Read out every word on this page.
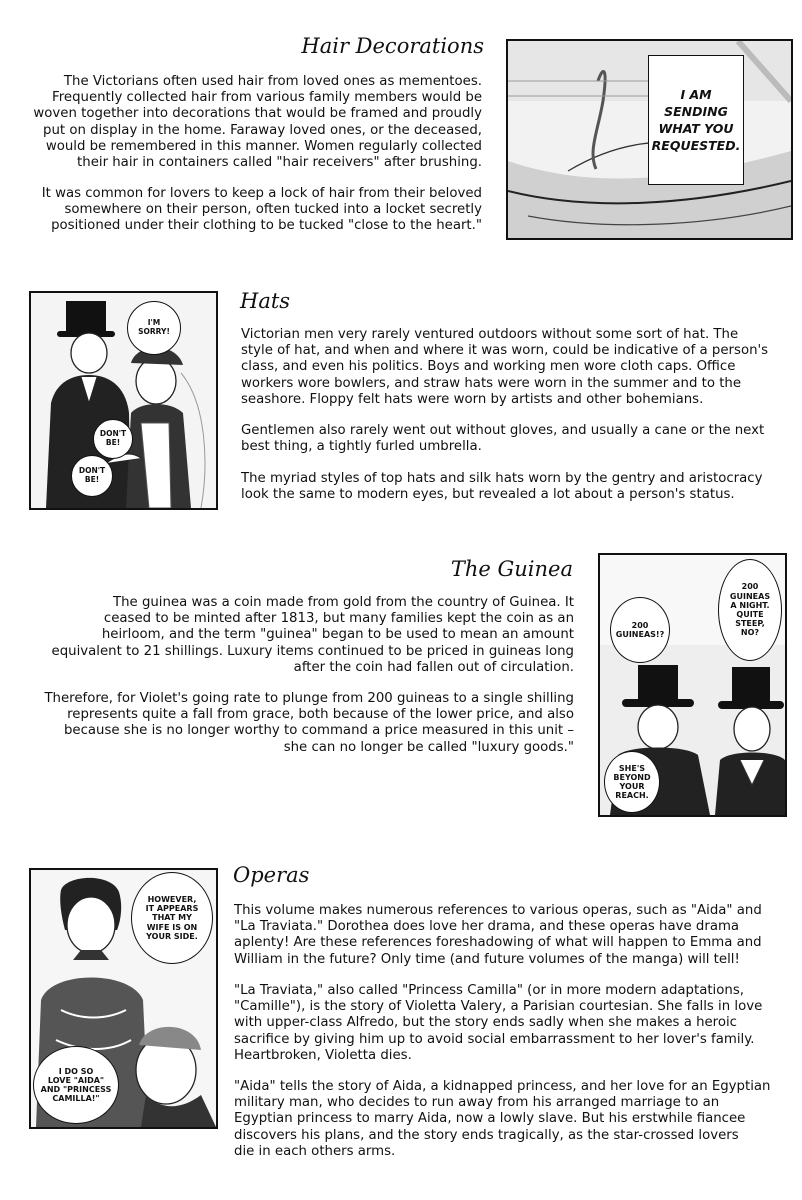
Hair Decorations

The Victorians often used hair from loved ones as mementoes.
Frequently collected hair from various family members would be
woven together into decorations that would be framed and proudly
put on display in the home. Faraway loved ones, or the deceased,
would be remembered in this manner. Women regularly collected
their hair in containers called "hair receivers" after brushing.

It was common for lovers to keep a lock of hair from their beloved
somewhere on their person, often tucked into a locket secretly
positioned under their clothing to be tucked "close to the heart."

I AM
SENDING
WHAT YOU
REQUESTED.
Hats

Victorian men very rarely ventured outdoors without some sort of hat. The
style of hat, and when and where it was worn, could be indicative of a person's
class, and even his politics. Boys and working men wore cloth caps. Office
workers wore bowlers, and straw hats were worn in the summer and to the
seashore. Floppy felt hats were worn by artists and other bohemians.

Gentlemen also rarely went out without gloves, and usually a cane or the next
best thing, a tightly furled umbrella.

The myriad styles of top hats and silk hats worn by the gentry and aristocracy
look the same to modern eyes, but revealed a lot about a person's status.

I'M
SORRY!
DON'T
BE!
DON'T
BE!
The Guinea

The guinea was a coin made from gold from the country of Guinea. It
ceased to be minted after 1813, but many families kept the coin as an
heirloom, and the term "guinea" began to be used to mean an amount
equivalent to 21 shillings. Luxury items continued to be priced in guineas long
after the coin had fallen out of circulation.

Therefore, for Violet's going rate to plunge from 200 guineas to a single shilling
represents quite a fall from grace, both because of the lower price, and also
because she is no longer worthy to command a price measured in this unit –
she can no longer be called "luxury goods."

200
GUINEAS!?
200
GUINEAS
A NIGHT.
QUITE
STEEP,
NO?
SHE'S
BEYOND
YOUR
REACH.
Operas

This volume makes numerous references to various operas, such as "Aida" and
"La Traviata." Dorothea does love her drama, and these operas have drama
aplenty! Are these references foreshadowing of what will happen to Emma and
William in the future? Only time (and future volumes of the manga) will tell!

"La Traviata," also called "Princess Camilla" (or in more modern adaptations,
"Camille"), is the story of Violetta Valery, a Parisian courtesian. She falls in love
with upper-class Alfredo, but the story ends sadly when she makes a heroic
sacrifice by giving him up to avoid social embarrassment to her lover's family.
Heartbroken, Violetta dies.

"Aida" tells the story of Aida, a kidnapped princess, and her love for an Egyptian
military man, who decides to run away from his arranged marriage to an
Egyptian princess to marry Aida, now a lowly slave. But his erstwhile fiancee
discovers his plans, and the story ends tragically, as the star-crossed lovers
die in each others arms.

HOWEVER,
IT APPEARS
THAT MY
WIFE IS ON
YOUR SIDE.
I DO SO
LOVE "AIDA"
AND "PRINCESS
CAMILLA!"
